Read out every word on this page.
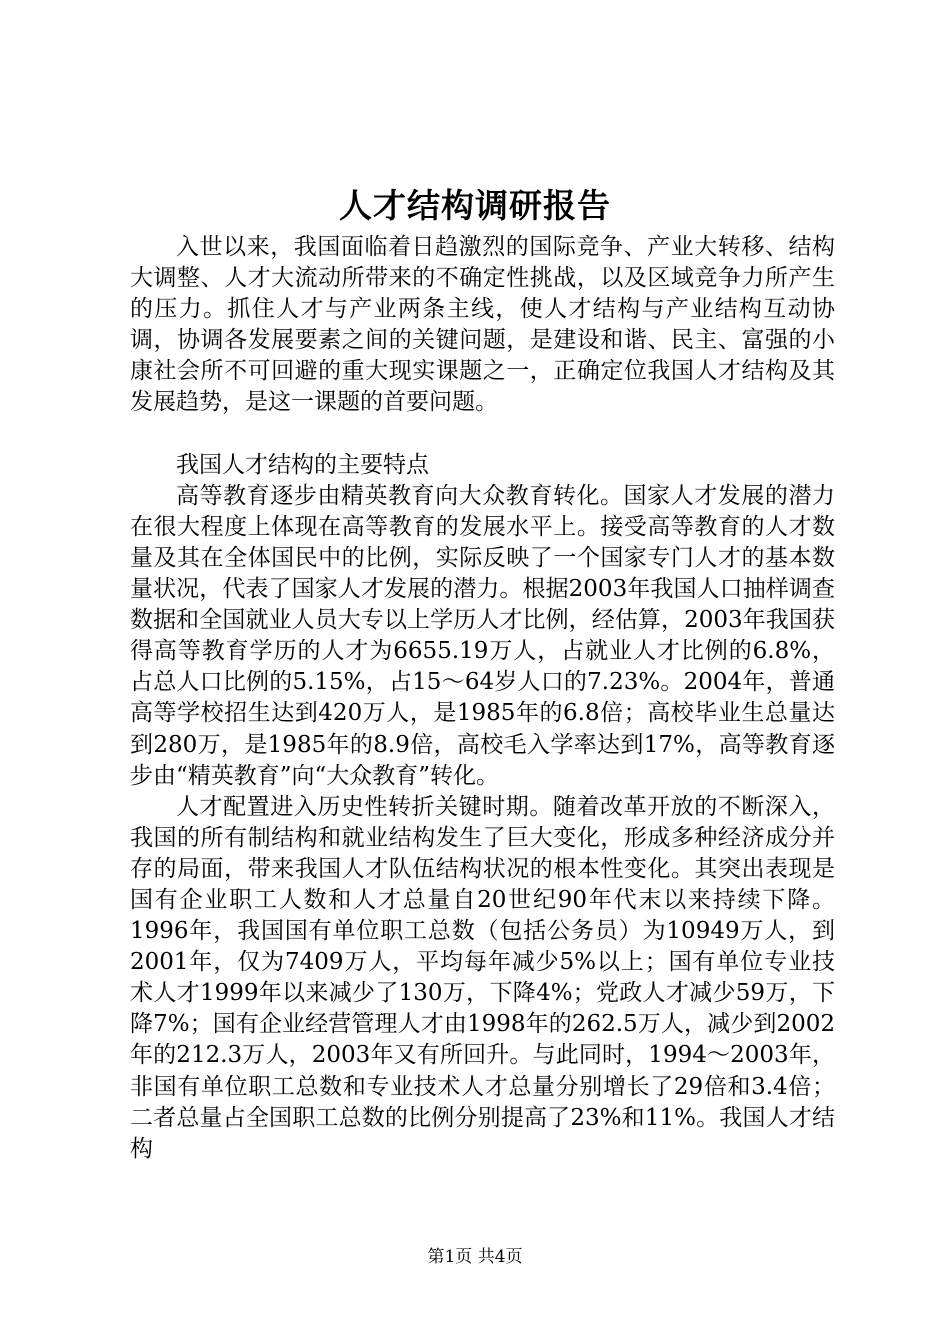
人才结构调研报告

入世以来，我国面临着日趋激烈的国际竞争、产业大转移、结构大调整、人才大流动所带来的不确定性挑战，以及区域竞争力所产生的压力。抓住人才与产业两条主线，使人才结构与产业结构互动协调，协调各发展要素之间的关键问题，是建设和谐、民主、富强的小康社会所不可回避的重大现实课题之一，正确定位我国人才结构及其发展趋势，是这一课题的首要问题。

我国人才结构的主要特点

高等教育逐步由精英教育向大众教育转化。国家人才发展的潜力在很大程度上体现在高等教育的发展水平上。接受高等教育的人才数量及其在全体国民中的比例，实际反映了一个国家专门人才的基本数量状况，代表了国家人才发展的潜力。根据2003年我国人口抽样调查数据和全国就业人员大专以上学历人才比例，经估算，2003年我国获得高等教育学历的人才为6655.19万人，占就业人才比例的6.8%，占总人口比例的5.15%，占15～64岁人口的7.23%。2004年，普通高等学校招生达到420万人，是1985年的6.8倍；高校毕业生总量达到280万，是1985年的8.9倍，高校毛入学率达到17%，高等教育逐步由“精英教育”向“大众教育”转化。

人才配置进入历史性转折关键时期。随着改革开放的不断深入，我国的所有制结构和就业结构发生了巨大变化，形成多种经济成分并存的局面，带来我国人才队伍结构状况的根本性变化。其突出表现是国有企业职工人数和人才总量自20世纪90年代末以来持续下降。1996年，我国国有单位职工总数（包括公务员）为10949万人，到2001年，仅为7409万人，平均每年减少5%以上；国有单位专业技术人才1999年以来减少了130万，下降4%；党政人才减少59万，下降7%；国有企业经营管理人才由1998年的262.5万人，减少到2002年的212.3万人，2003年又有所回升。与此同时，1994～2003年，非国有单位职工总数和专业技术人才总量分别增长了29倍和3.4倍；二者总量占全国职工总数的比例分别提高了23%和11%。我国人才结构

第1页 共4页
